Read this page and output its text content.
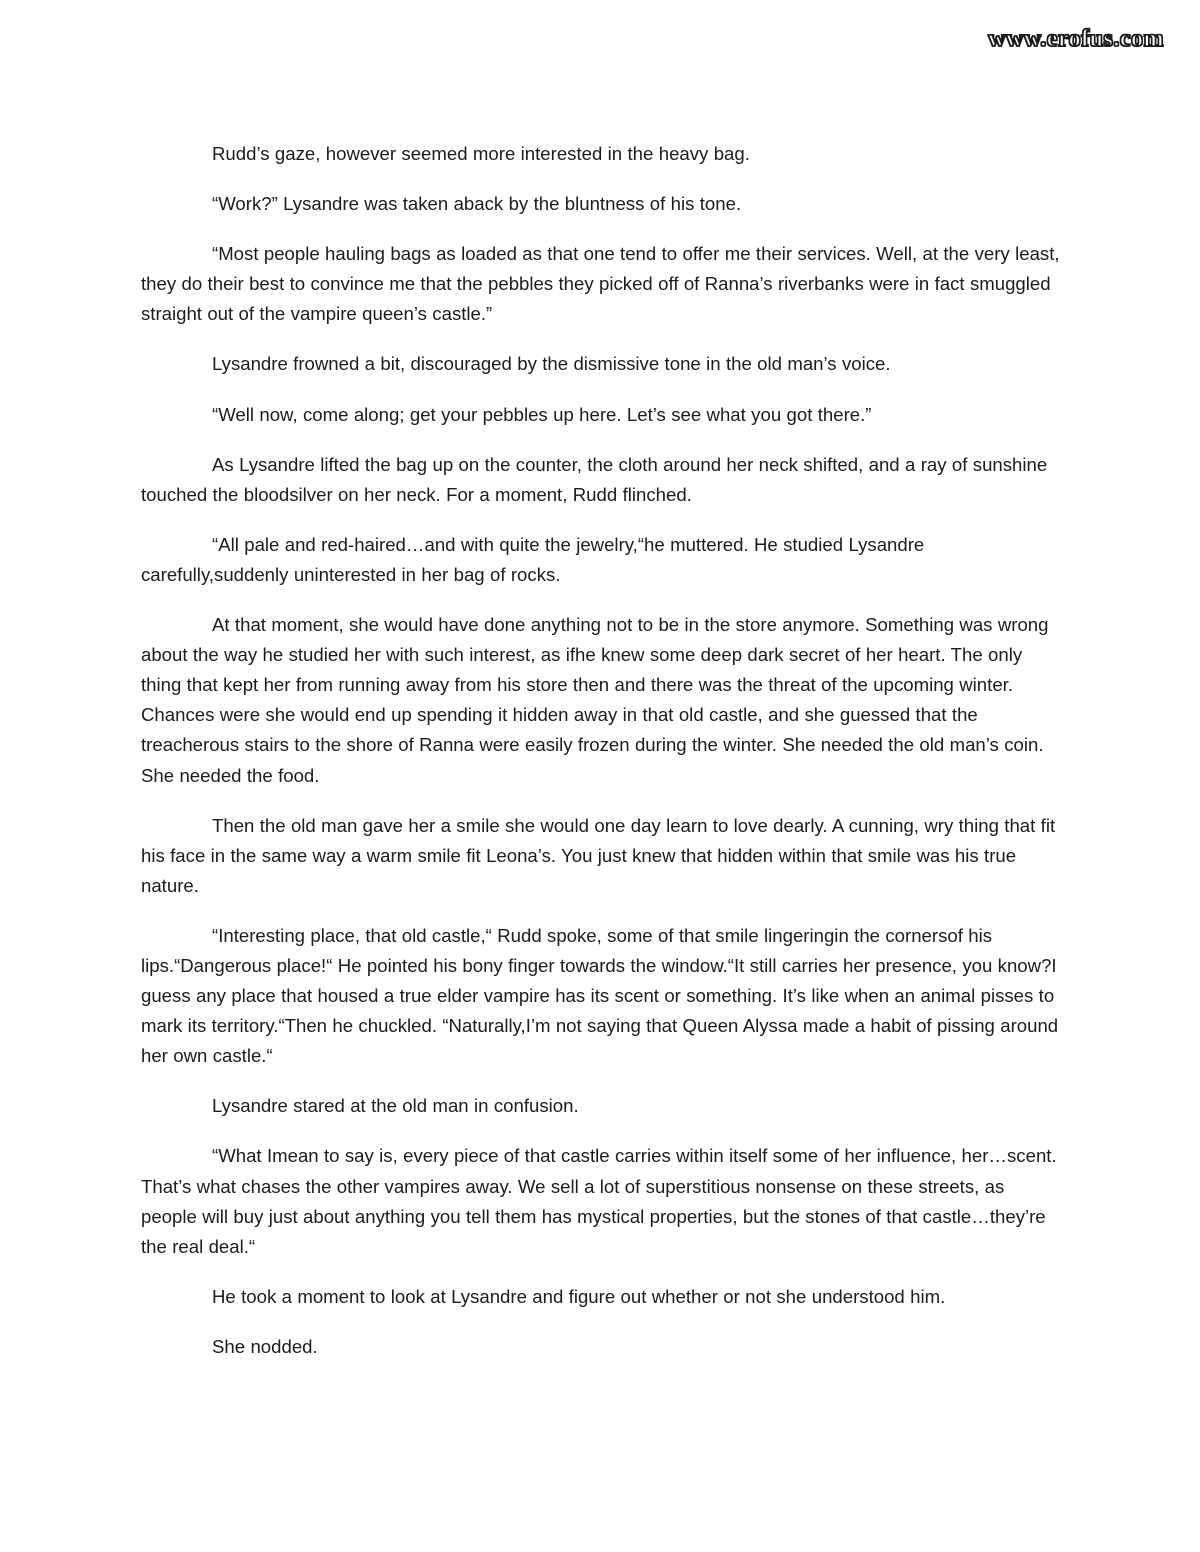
www.erofus.com

Rudd’s gaze, however seemed more interested in the heavy bag.

“Work?” Lysandre was taken aback by the bluntness of his tone.

“Most people hauling bags as loaded as that one tend to offer me their services. Well, at the very least, they do their best to convince me that the pebbles they picked off of Ranna’s riverbanks were in fact smuggled straight out of the vampire queen’s castle.”

Lysandre frowned a bit, discouraged by the dismissive tone in the old man’s voice.

“Well now, come along; get your pebbles up here. Let’s see what you got there.”

As Lysandre lifted the bag up on the counter, the cloth around her neck shifted, and a ray of sunshine touched the bloodsilver on her neck. For a moment, Rudd flinched.

“All pale and red-haired…and with quite the jewelry,“he muttered. He studied Lysandre carefully,suddenly uninterested in her bag of rocks.

At that moment, she would have done anything not to be in the store anymore. Something was wrong about the way he studied her with such interest, as ifhe knew some deep dark secret of her heart. The only thing that kept her from running away from his store then and there was the threat of the upcoming winter. Chances were she would end up spending it hidden away in that old castle, and she guessed that the treacherous stairs to the shore of Ranna were easily frozen during the winter. She needed the old man’s coin. She needed the food.

Then the old man gave her a smile she would one day learn to love dearly. A cunning, wry thing that fit his face in the same way a warm smile fit Leona’s. You just knew that hidden within that smile was his true nature.

“Interesting place, that old castle,“ Rudd spoke, some of that smile lingeringin the cornersof his lips.“Dangerous place!“ He pointed his bony finger towards the window.“It still carries her presence, you know?I guess any place that housed a true elder vampire has its scent or something. It’s like when an animal pisses to mark its territory.“Then he chuckled. “Naturally,I’m not saying that Queen Alyssa made a habit of pissing around her own castle.“

Lysandre stared at the old man in confusion.

“What Imean to say is, every piece of that castle carries within itself some of her influence, her…scent. That’s what chases the other vampires away. We sell a lot of superstitious nonsense on these streets, as people will buy just about anything you tell them has mystical properties, but the stones of that castle…they’re the real deal.“

He took a moment to look at Lysandre and figure out whether or not she understood him.

She nodded.
